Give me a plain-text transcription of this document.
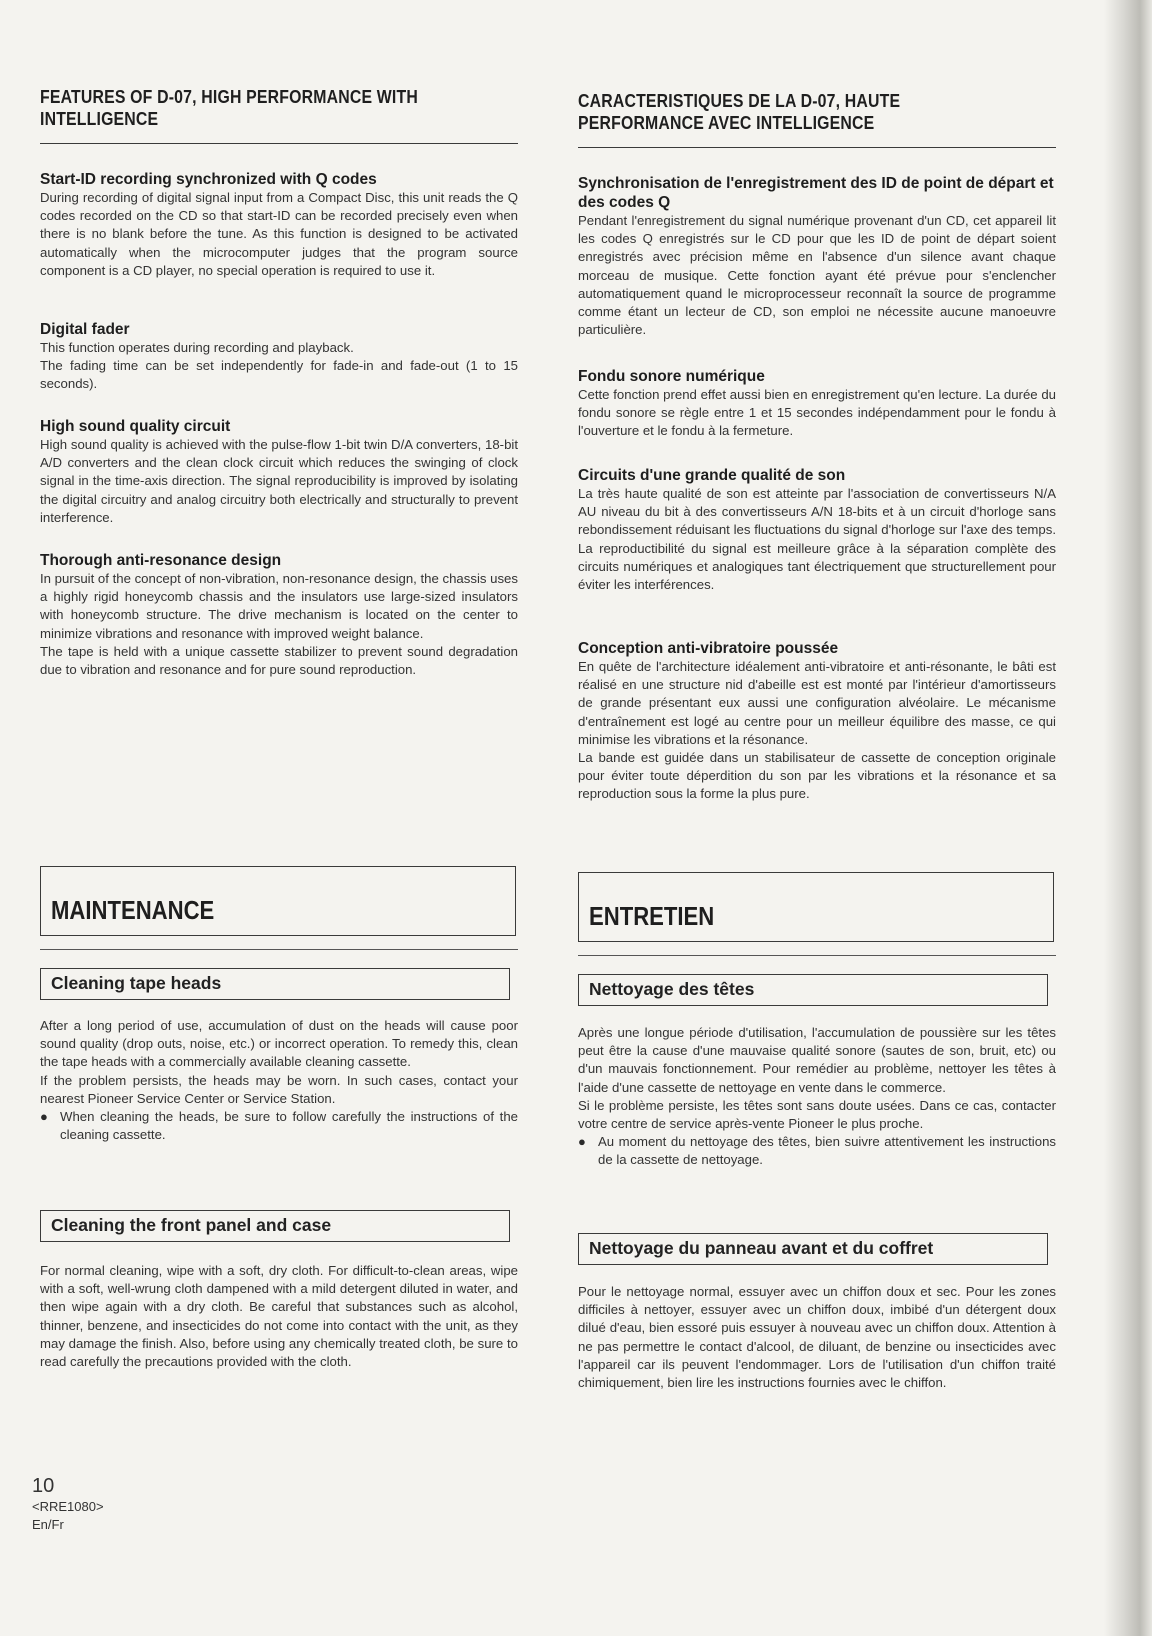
FEATURES OF D-07, HIGH PERFORMANCE WITH INTELLIGENCE

Start-ID recording synchronized with Q codes

During recording of digital signal input from a Compact Disc, this unit reads the Q codes recorded on the CD so that start-ID can be recorded precisely even when there is no blank before the tune. As this function is designed to be activated automatically when the microcomputer judges that the program source component is a CD player, no special operation is required to use it.

Digital fader

This function operates during recording and playback.

The fading time can be set independently for fade-in and fade-out (1 to 15 seconds).

High sound quality circuit

High sound quality is achieved with the pulse-flow 1-bit twin D/A converters, 18-bit A/D converters and the clean clock circuit which reduces the swinging of clock signal in the time-axis direction. The signal reproducibility is improved by isolating the digital circuitry and analog circuitry both electrically and structurally to prevent interference.

Thorough anti-resonance design

In pursuit of the concept of non-vibration, non-resonance design, the chassis uses a highly rigid honeycomb chassis and the insulators use large-sized insulators with honeycomb structure. The drive mechanism is located on the center to minimize vibrations and resonance with improved weight balance.

The tape is held with a unique cassette stabilizer to prevent sound degradation due to vibration and resonance and for pure sound reproduction.

MAINTENANCE
Cleaning tape heads

After a long period of use, accumulation of dust on the heads will cause poor sound quality (drop outs, noise, etc.) or incorrect operation. To remedy this, clean the tape heads with a commercially available cleaning cassette.

If the problem persists, the heads may be worn. In such cases, contact your nearest Pioneer Service Center or Service Station.

● When cleaning the heads, be sure to follow carefully the instructions of the cleaning cassette.

Cleaning the front panel and case

For normal cleaning, wipe with a soft, dry cloth. For difficult-to-clean areas, wipe with a soft, well-wrung cloth dampened with a mild detergent diluted in water, and then wipe again with a dry cloth. Be careful that substances such as alcohol, thinner, benzene, and insecticides do not come into contact with the unit, as they may damage the finish. Also, before using any chemically treated cloth, be sure to read carefully the precautions provided with the cloth.

CARACTERISTIQUES DE LA D-07, HAUTE PERFORMANCE AVEC INTELLIGENCE

Synchronisation de l'enregistrement des ID de point de départ et des codes Q

Pendant l'enregistrement du signal numérique provenant d'un CD, cet appareil lit les codes Q enregistrés sur le CD pour que les ID de point de départ soient enregistrés avec précision même en l'absence d'un silence avant chaque morceau de musique. Cette fonction ayant été prévue pour s'enclencher automatiquement quand le microprocesseur reconnaît la source de programme comme étant un lecteur de CD, son emploi ne nécessite aucune manoeuvre particulière.

Fondu sonore numérique

Cette fonction prend effet aussi bien en enregistrement qu'en lecture. La durée du fondu sonore se règle entre 1 et 15 secondes indépendamment pour le fondu à l'ouverture et le fondu à la fermeture.

Circuits d'une grande qualité de son

La très haute qualité de son est atteinte par l'association de convertisseurs N/A AU niveau du bit à des convertisseurs A/N 18-bits et à un circuit d'horloge sans rebondissement réduisant les fluctuations du signal d'horloge sur l'axe des temps. La reproductibilité du signal est meilleure grâce à la séparation complète des circuits numériques et analogiques tant électriquement que structurellement pour éviter les interférences.

Conception anti-vibratoire poussée

En quête de l'architecture idéalement anti-vibratoire et anti-résonante, le bâti est réalisé en une structure nid d'abeille est est monté par l'intérieur d'amortisseurs de grande présentant eux aussi une configuration alvéolaire. Le mécanisme d'entraînement est logé au centre pour un meilleur équilibre des masse, ce qui minimise les vibrations et la résonance.

La bande est guidée dans un stabilisateur de cassette de conception originale pour éviter toute déperdition du son par les vibrations et la résonance et sa reproduction sous la forme la plus pure.

ENTRETIEN
Nettoyage des têtes

Après une longue période d'utilisation, l'accumulation de poussière sur les têtes peut être la cause d'une mauvaise qualité sonore (sautes de son, bruit, etc) ou d'un mauvais fonctionnement. Pour remédier au problème, nettoyer les têtes à l'aide d'une cassette de nettoyage en vente dans le commerce.

Si le problème persiste, les têtes sont sans doute usées. Dans ce cas, contacter votre centre de service après-vente Pioneer le plus proche.

● Au moment du nettoyage des têtes, bien suivre attentivement les instructions de la cassette de nettoyage.

Nettoyage du panneau avant et du coffret

Pour le nettoyage normal, essuyer avec un chiffon doux et sec. Pour les zones difficiles à nettoyer, essuyer avec un chiffon doux, imbibé d'un détergent doux dilué d'eau, bien essoré puis essuyer à nouveau avec un chiffon doux. Attention à ne pas permettre le contact d'alcool, de diluant, de benzine ou insecticides avec l'appareil car ils peuvent l'endommager. Lors de l'utilisation d'un chiffon traité chimiquement, bien lire les instructions fournies avec le chiffon.

10
<RRE1080>
En/Fr
